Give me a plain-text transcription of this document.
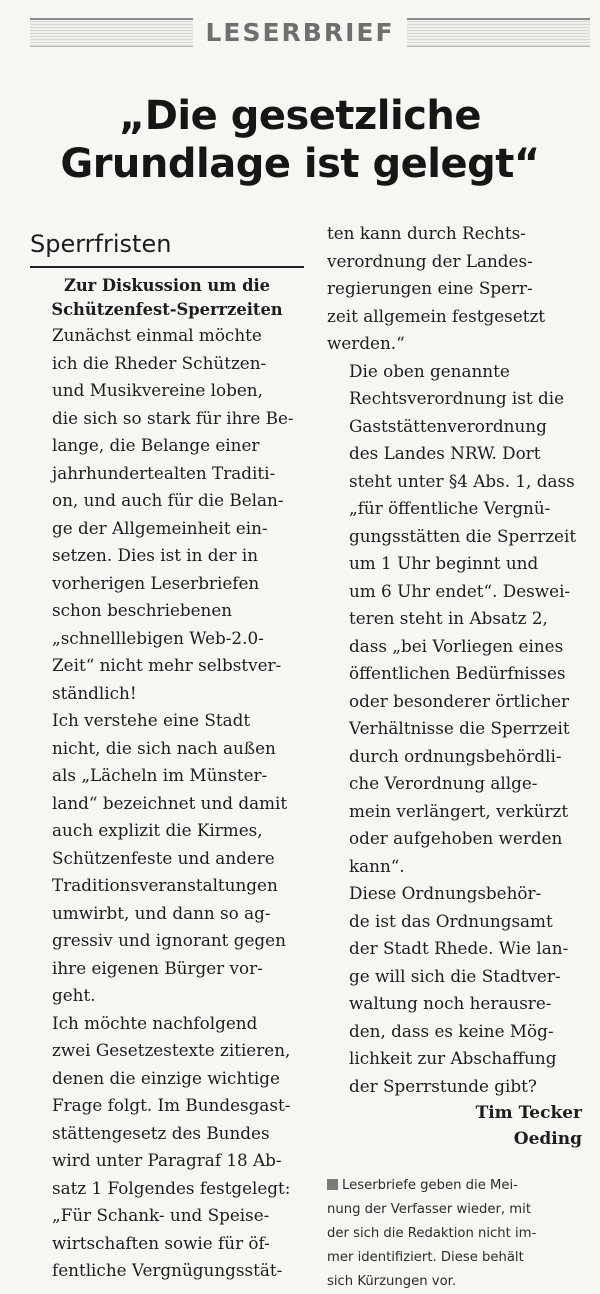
LESERBRIEF
„Die gesetzliche
Grundlage ist gelegt“
Sperrfristen
Zur Diskussion um die
Schützenfest-Sperrzeiten
Zunächst einmal möchte
ich die Rheder Schützen-
und Musikvereine loben,
die sich so stark für ihre Be-
lange, die Belange einer
jahrhundertealten Traditi-
on, und auch für die Belan-
ge der Allgemeinheit ein-
setzen. Dies ist in der in
vorherigen Leserbriefen
schon beschriebenen
„schnelllebigen Web-2.0-
Zeit“ nicht mehr selbstver-
ständlich!
Ich verstehe eine Stadt
nicht, die sich nach außen
als „Lächeln im Münster-
land“ bezeichnet und damit
auch explizit die Kirmes,
Schützenfeste und andere
Traditionsveranstaltungen
umwirbt, und dann so ag-
gressiv und ignorant gegen
ihre eigenen Bürger vor-
geht.
Ich möchte nachfolgend
zwei Gesetzestexte zitieren,
denen die einzige wichtige
Frage folgt. Im Bundesgast-
stättengesetz des Bundes
wird unter Paragraf 18 Ab-
satz 1 Folgendes festgelegt:
„Für Schank- und Speise-
wirtschaften sowie für öf-
fentliche Vergnügungsstät-
ten kann durch Rechts-
verordnung der Landes-
regierungen eine Sperr-
zeit allgemein festgesetzt
werden.“
Die oben genannte
Rechtsverordnung ist die
Gaststättenverordnung
des Landes NRW. Dort
steht unter §4 Abs. 1, dass
„für öffentliche Vergnü-
gungsstätten die Sperrzeit
um 1 Uhr beginnt und
um 6 Uhr endet“. Deswei-
teren steht in Absatz 2,
dass „bei Vorliegen eines
öffentlichen Bedürfnisses
oder besonderer örtlicher
Verhältnisse die Sperrzeit
durch ordnungsbehördli-
che Verordnung allge-
mein verlängert, verkürzt
oder aufgehoben werden
kann“.
Diese Ordnungsbehör-
de ist das Ordnungsamt
der Stadt Rhede. Wie lan-
ge will sich die Stadtver-
waltung noch herausre-
den, dass es keine Mög-
lichkeit zur Abschaffung
der Sperrstunde gibt?
Tim Tecker
Oeding
Leserbriefe geben die Mei-
nung der Verfasser wieder, mit
der sich die Redaktion nicht im-
mer identifiziert. Diese behält
sich Kürzungen vor.
